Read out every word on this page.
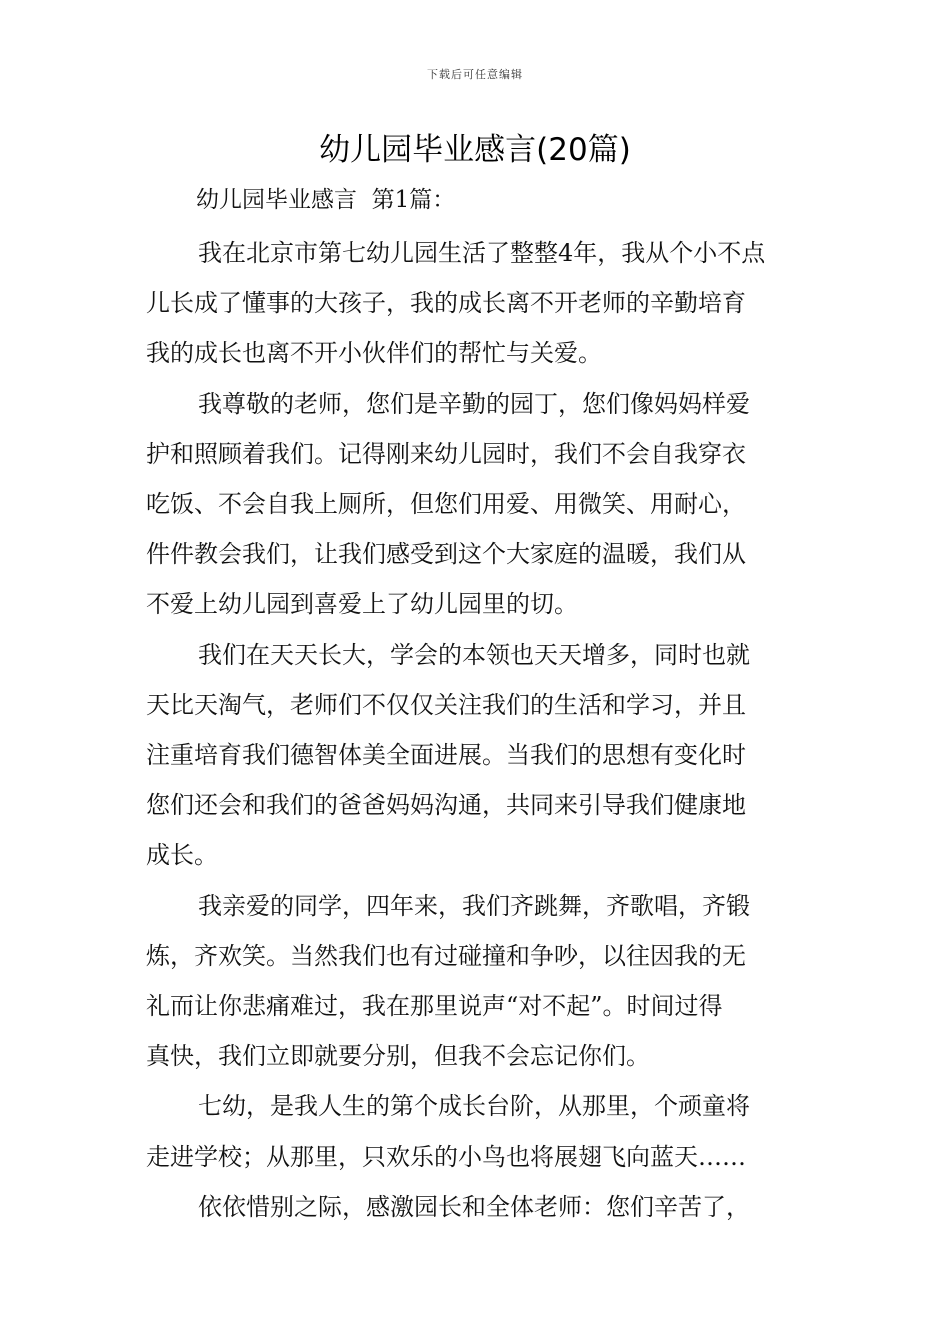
下载后可任意编辑
幼儿园毕业感言(20篇)
幼儿园毕业感言  第1篇：

我在北京市第七幼儿园生活了整整4年，我从个小不点
儿长成了懂事的大孩子，我的成长离不开老师的辛勤培育
我的成长也离不开小伙伴们的帮忙与关爱。

我尊敬的老师，您们是辛勤的园丁，您们像妈妈样爱
护和照顾着我们。记得刚来幼儿园时，我们不会自我穿衣
吃饭、不会自我上厕所，但您们用爱、用微笑、用耐心，
件件教会我们，让我们感受到这个大家庭的温暖，我们从
不爱上幼儿园到喜爱上了幼儿园里的切。

我们在天天长大，学会的本领也天天增多，同时也就
天比天淘气，老师们不仅仅关注我们的生活和学习，并且
注重培育我们德智体美全面进展。当我们的思想有变化时
您们还会和我们的爸爸妈妈沟通，共同来引导我们健康地
成长。

我亲爱的同学，四年来，我们齐跳舞，齐歌唱，齐锻
炼，齐欢笑。当然我们也有过碰撞和争吵，以往因我的无
礼而让你悲痛难过，我在那里说声“对不起”。时间过得
真快，我们立即就要分别，但我不会忘记你们。

七幼，是我人生的第个成长台阶，从那里，个顽童将
走进学校；从那里，只欢乐的小鸟也将展翅飞向蓝天……

依依惜别之际，感激园长和全体老师：您们辛苦了，
